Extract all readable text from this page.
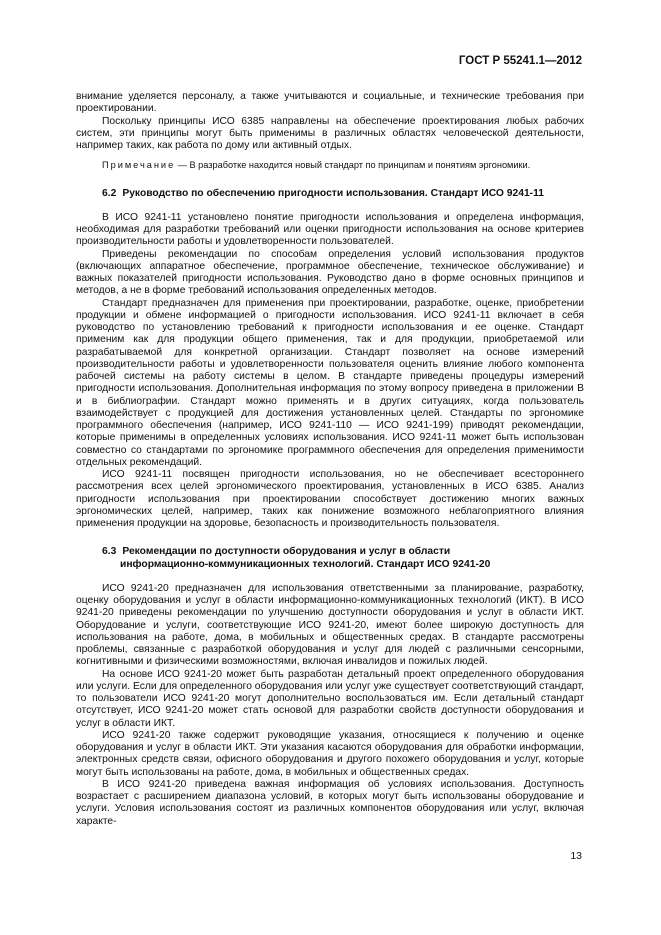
ГОСТ Р 55241.1—2012

внимание уделяется персоналу, а также учитываются и социальные, и технические требования при проектировании.

Поскольку принципы ИСО 6385 направлены на обеспечение проектирования любых рабочих систем, эти принципы могут быть применимы в различных областях человеческой деятельности, например таких, как работа по дому или активный отдых.

Примечание — В разработке находится новый стандарт по принципам и понятиям эргономики.

6.2 Руководство по обеспечению пригодности использования. Стандарт ИСО 9241-11

В ИСО 9241-11 установлено понятие пригодности использования и определена информация, необходимая для разработки требований или оценки пригодности использования на основе критериев производительности работы и удовлетворенности пользователей.

Приведены рекомендации по способам определения условий использования продуктов (включающих аппаратное обеспечение, программное обеспечение, техническое обслуживание) и важных показателей пригодности использования. Руководство дано в форме основных принципов и методов, а не в форме требований использования определенных методов.

Стандарт предназначен для применения при проектировании, разработке, оценке, приобретении продукции и обмене информацией о пригодности использования. ИСО 9241-11 включает в себя руководство по установлению требований к пригодности использования и ее оценке. Стандарт применим как для продукции общего применения, так и для продукции, приобретаемой или разрабатываемой для конкретной организации. Стандарт позволяет на основе измерений производительности работы и удовлетворенности пользователя оценить влияние любого компонента рабочей системы на работу системы в целом. В стандарте приведены процедуры измерений пригодности использования. Дополнительная информация по этому вопросу приведена в приложении В и в библиографии. Стандарт можно применять и в других ситуациях, когда пользователь взаимодействует с продукцией для достижения установленных целей. Стандарты по эргономике программного обеспечения (например, ИСО 9241-110 — ИСО 9241-199) приводят рекомендации, которые применимы в определенных условиях использования. ИСО 9241-11 может быть использован совместно со стандартами по эргономике программного обеспечения для определения применимости отдельных рекомендаций.

ИСО 9241-11 посвящен пригодности использования, но не обеспечивает всестороннего рассмотрения всех целей эргономического проектирования, установленных в ИСО 6385. Анализ пригодности использования при проектировании способствует достижению многих важных эргономических целей, например, таких как понижение возможного неблагоприятного влияния применения продукции на здоровье, безопасность и производительность пользователя.

6.3 Рекомендации по доступности оборудования и услуг в области
информационно-коммуникационных технологий. Стандарт ИСО 9241-20

ИСО 9241-20 предназначен для использования ответственными за планирование, разработку, оценку оборудования и услуг в области информационно-коммуникационных технологий (ИКТ). В ИСО 9241-20 приведены рекомендации по улучшению доступности оборудования и услуг в области ИКТ. Оборудование и услуги, соответствующие ИСО 9241-20, имеют более широкую доступность для использования на работе, дома, в мобильных и общественных средах. В стандарте рассмотрены проблемы, связанные с разработкой оборудования и услуг для людей с различными сенсорными, когнитивными и физическими возможностями, включая инвалидов и пожилых людей.

На основе ИСО 9241-20 может быть разработан детальный проект определенного оборудования или услуги. Если для определенного оборудования или услуг уже существует соответствующий стандарт, то пользователи ИСО 9241-20 могут дополнительно воспользоваться им. Если детальный стандарт отсутствует, ИСО 9241-20 может стать основой для разработки свойств доступности оборудования и услуг в области ИКТ.

ИСО 9241-20 также содержит руководящие указания, относящиеся к получению и оценке оборудования и услуг в области ИКТ. Эти указания касаются оборудования для обработки информации, электронных средств связи, офисного оборудования и другого похожего оборудования и услуг, которые могут быть использованы на работе, дома, в мобильных и общественных средах.

В ИСО 9241-20 приведена важная информация об условиях использования. Доступность возрастает с расширением диапазона условий, в которых могут быть использованы оборудование и услуги. Условия использования состоят из различных компонентов оборудования или услуг, включая характе-

13
